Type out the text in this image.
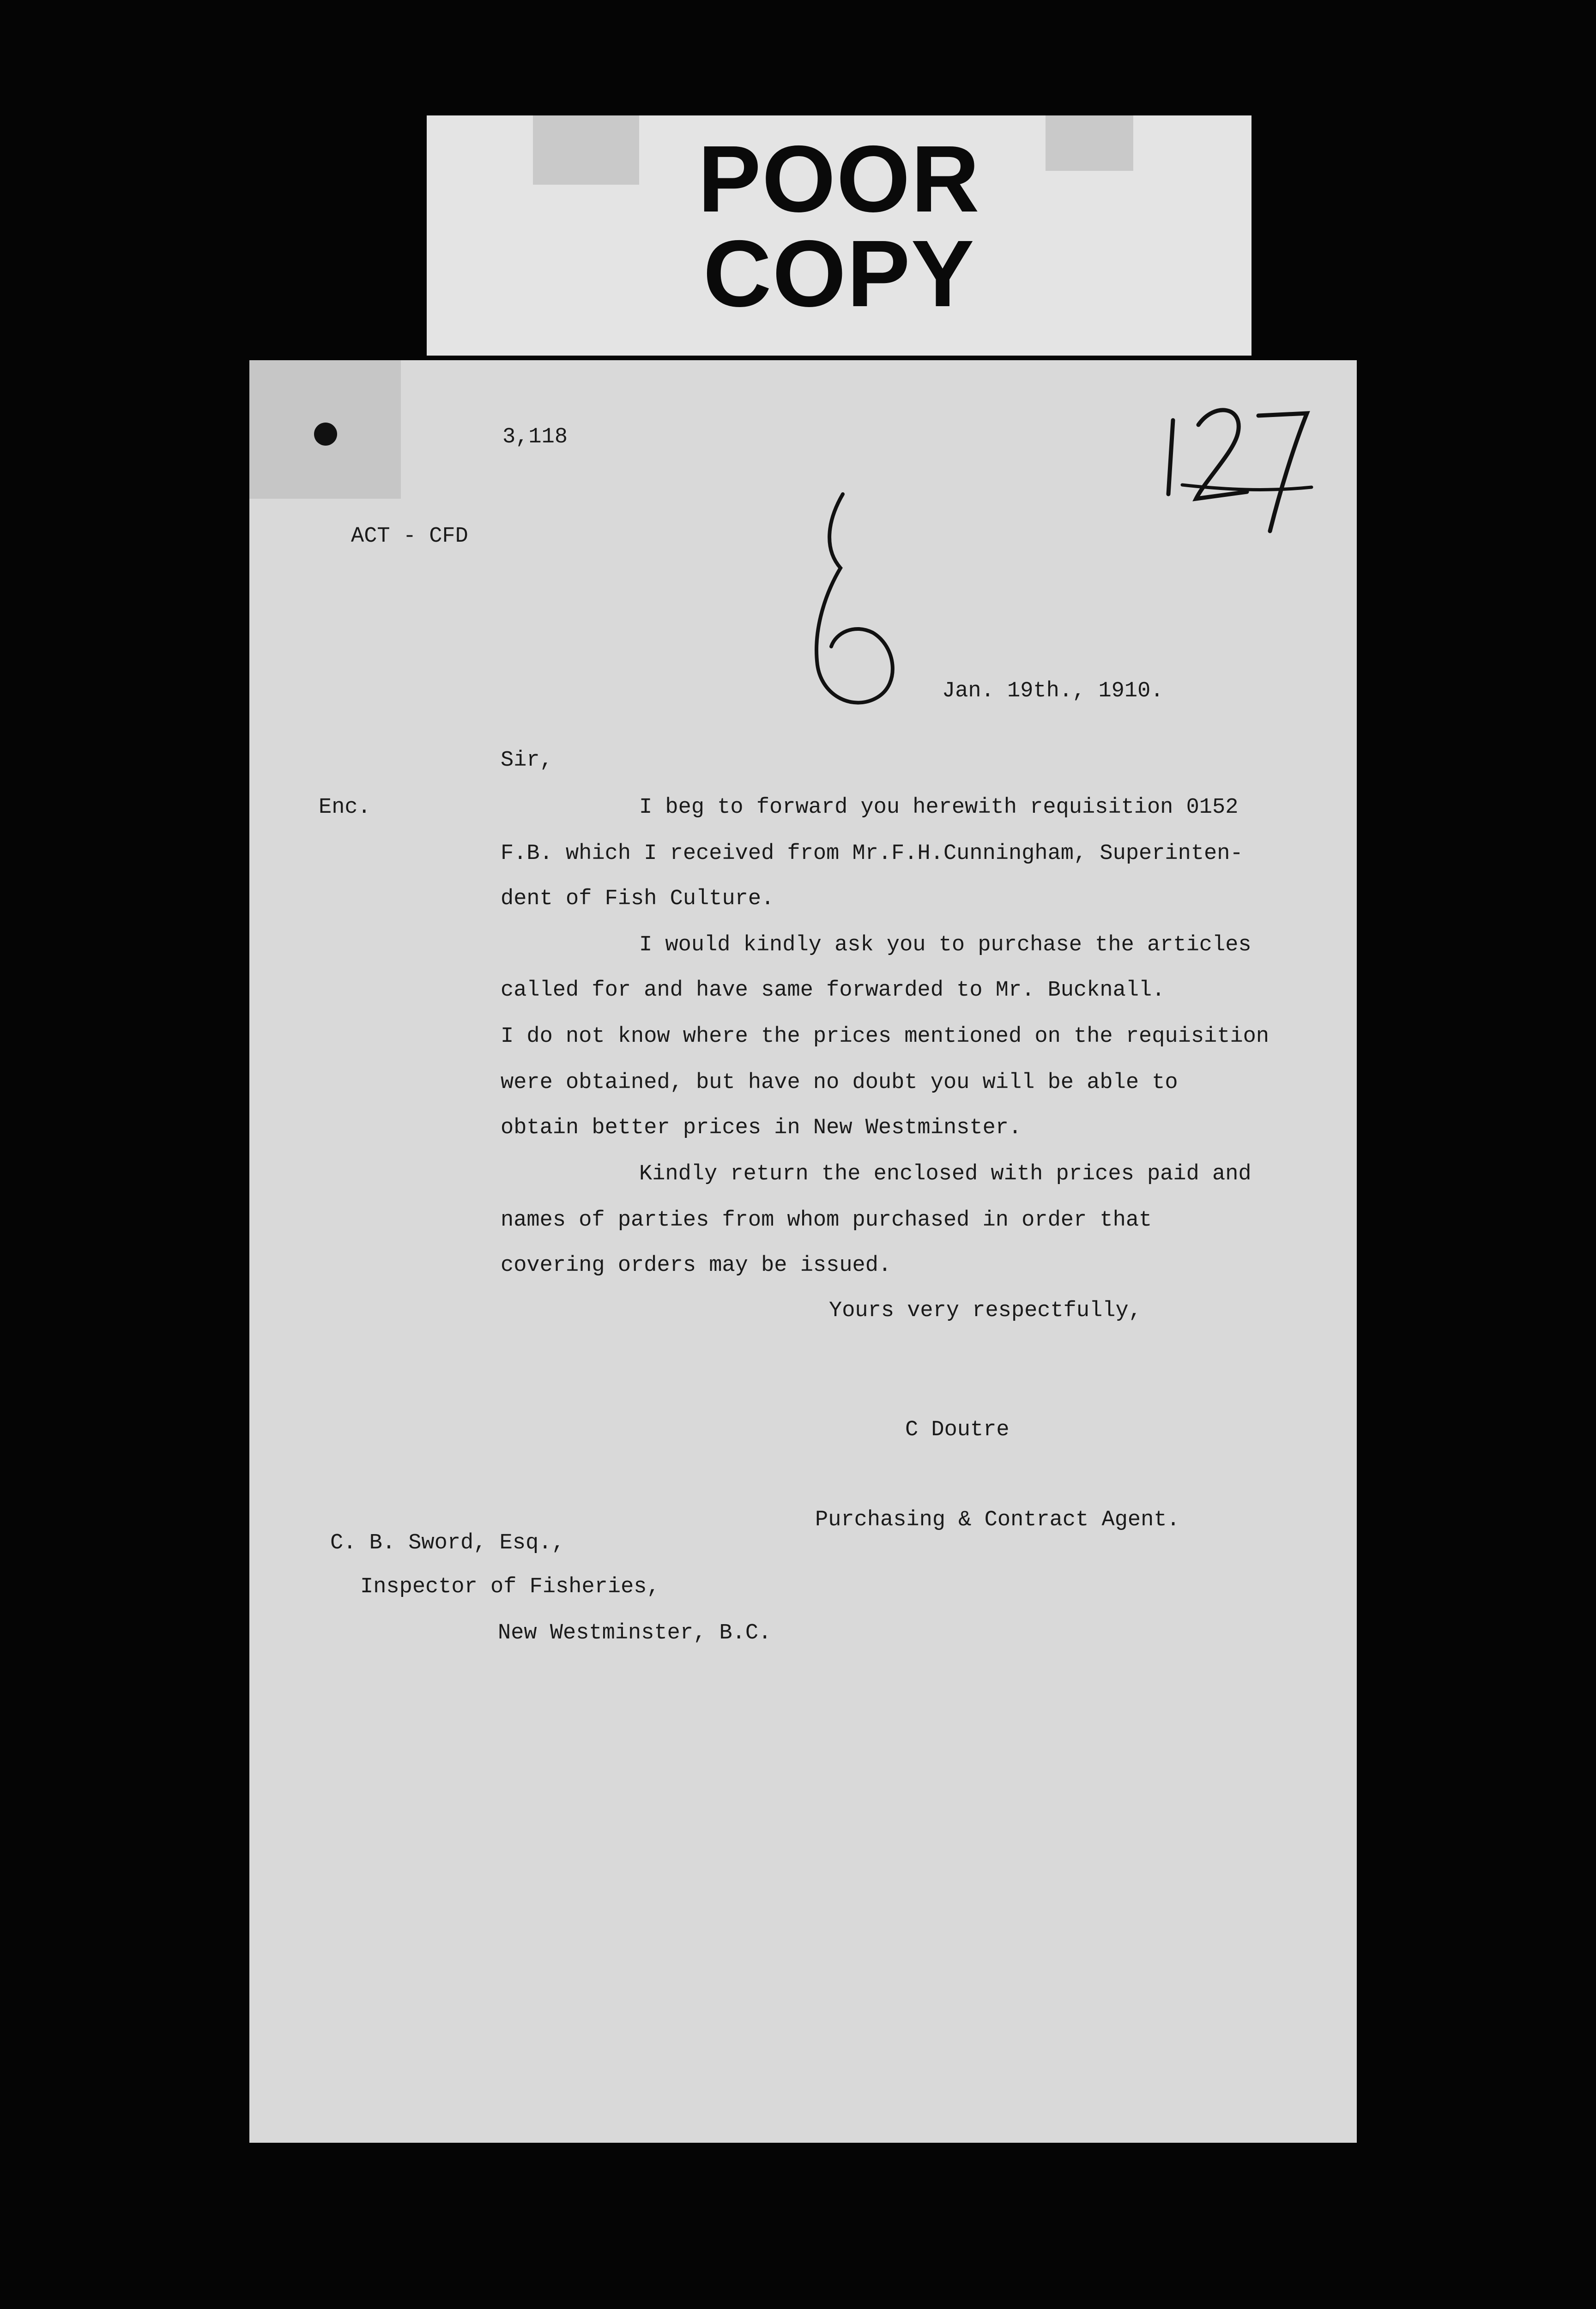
POOR
COPY
3,118
ACT - CFD
Jan. 19th., 1910.
Sir,
Enc.	I beg to forward you herewith requisition 0152
F.B. which I received from Mr.F.H.Cunningham, Superinten-
dent of Fish Culture.
I would kindly ask you to purchase the articles
called for and have same forwarded to Mr. Bucknall.
I do not know where the prices mentioned on the requisition
were obtained, but have no doubt you will be able to
obtain better prices in New Westminster.
Kindly return the enclosed with prices paid and
names of parties from whom purchased in order that
covering orders may be issued.
Yours very respectfully,
C Doutre
Purchasing & Contract Agent.
C. B. Sword, Esq.,
Inspector of Fisheries,
New Westminster, B.C.
